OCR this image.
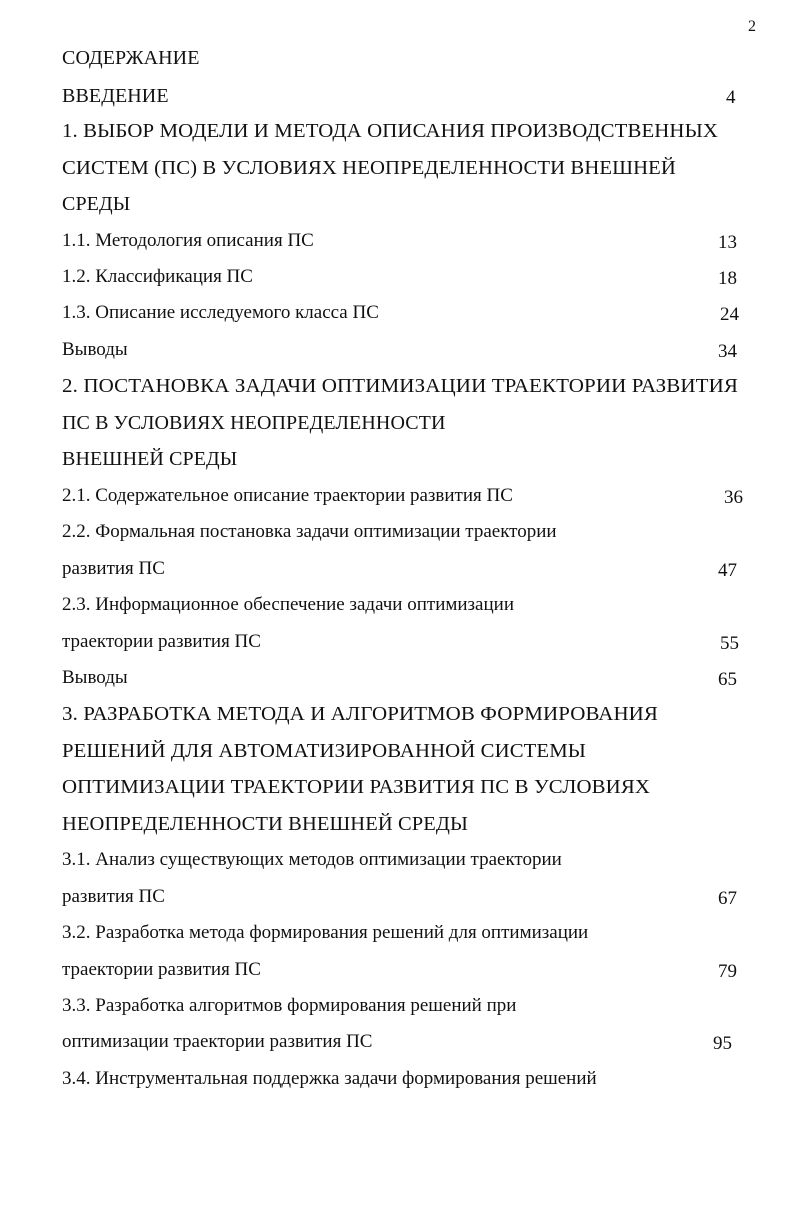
2
СОДЕРЖАНИЕ
ВВЕДЕНИЕ	4
1. ВЫБОР МОДЕЛИ И МЕТОДА ОПИСАНИЯ ПРОИЗВОДСТВЕННЫХ
СИСТЕМ (ПС) В УСЛОВИЯХ НЕОПРЕДЕЛЕННОСТИ ВНЕШНЕЙ
СРЕДЫ
1.1. Методология описания ПС	13
1.2. Классификация ПС	18
1.3. Описание исследуемого класса ПС	24
Выводы	34
2. ПОСТАНОВКА ЗАДАЧИ ОПТИМИЗАЦИИ ТРАЕКТОРИИ РАЗВИТИЯ
ПС В УСЛОВИЯХ НЕОПРЕДЕЛЕННОСТИ
ВНЕШНЕЙ СРЕДЫ
2.1. Содержательное описание траектории развития ПС	36
2.2. Формальная постановка задачи оптимизации траектории
развития ПС	47
2.3. Информационное обеспечение задачи оптимизации
траектории развития ПС	55
Выводы	65
3. РАЗРАБОТКА МЕТОДА И АЛГОРИТМОВ ФОРМИРОВАНИЯ
РЕШЕНИЙ ДЛЯ АВТОМАТИЗИРОВАННОЙ СИСТЕМЫ
ОПТИМИЗАЦИИ ТРАЕКТОРИИ РАЗВИТИЯ ПС В УСЛОВИЯХ
НЕОПРЕДЕЛЕННОСТИ ВНЕШНЕЙ СРЕДЫ
3.1. Анализ существующих методов оптимизации траектории
развития ПС	67
3.2. Разработка метода формирования решений для оптимизации
траектории развития ПС	79
3.3. Разработка алгоритмов формирования решений при
оптимизации траектории развития ПС	95
3.4. Инструментальная поддержка задачи формирования решений
